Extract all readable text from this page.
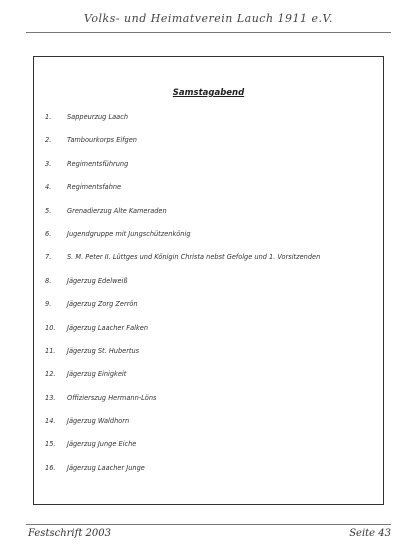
Volks- und Heimatverein Lauch 1911 e.V.
Samstagabend
1. Sappeurzug Laach
2. Tambourkorps Eifgen
3. Regimentsführung
4. Regimentsfahne
5. Grenadierzug Alte Kameraden
6. Jugendgruppe mit Jungschützenkönig
7. S. M. Peter II. Lüttges und Königin Christa nebst Gefolge und 1. Vorsitzenden
8. Jägerzug Edelweiß
9. Jägerzug Zorg Zerrön
10. Jägerzug Laacher Falken
11. Jägerzug St. Hubertus
12. Jägerzug Einigkeit
13. Offizierszug Hermann-Löns
14. Jägerzug Waldhorn
15. Jägerzug Junge Eiche
16. Jägerzug Laacher Junge
Festschrift 2003	Seite 43
